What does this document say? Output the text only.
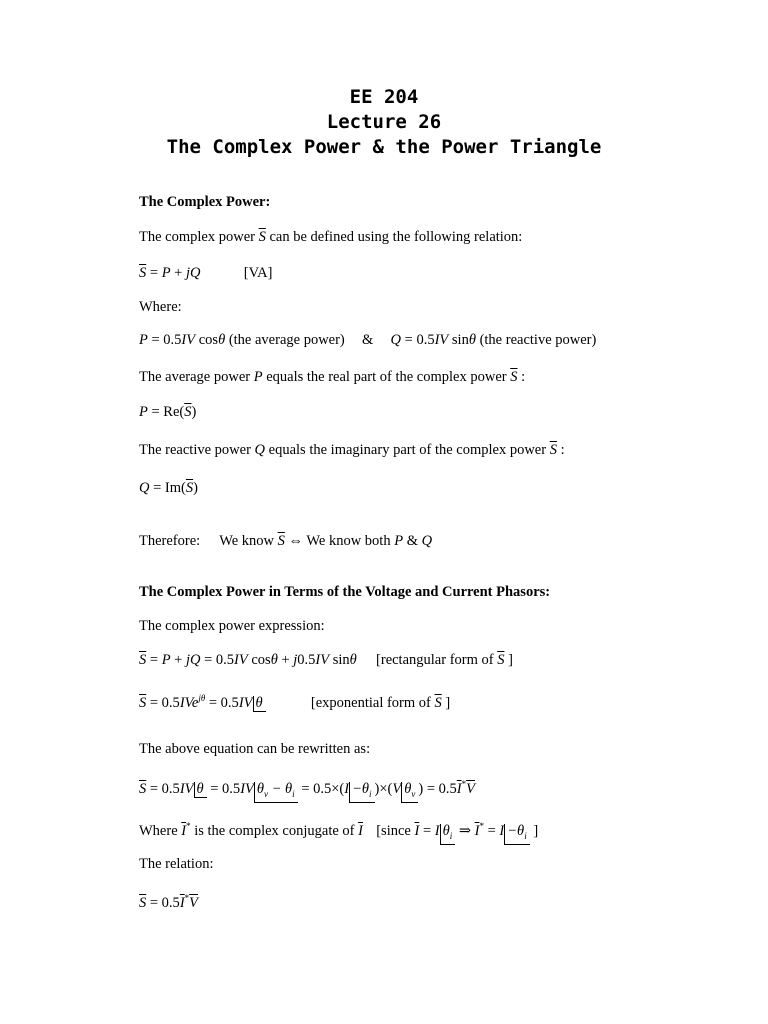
EE 204
Lecture 26
The Complex Power & the Power Triangle
The Complex Power:
The complex power $\overline{S}$ can be defined using the following relation:
$\overline{S} = P$ + jQ	[VA]
Where:
P = 0.5IV cosθ (the average power) & Q = 0.5IV sinθ (the reactive power)
The average power P equals the real part of the complex power $\overline{S}$ :
$P = Re(\overline{S})$
The reactive power Q equals the imaginary part of the complex power $\overline{S}$ :
$Q = Im(\overline{S})$
Therefore: We know $\overline{S}$ ⇔ We know both P & Q
The Complex Power in Terms of the Voltage and Current Phasors:
The complex power expression:
$\overline{S} = P$ + jQ = 0.5IV cosθ + j0.5IV sinθ [rectangular form of $\overline{S}$ ]
$\overline{S} = 0.5IVe^{j\theta} = 0.5IV$ θ	[exponential form of $\overline{S}$ ]
The above equation can be rewritten as:
$\overline{S} = 0.5IV$ θ = 0.5IV $\theta_v - \theta_i = 0.5\times(I -\theta_i$ )×(V $\theta_v$ ) = $0.5\overline{I}^*\overline{V}$
Where $\overline{I}^*$ is the complex conjugate of $\overline{I}$ [since $\overline{I} = I$ $\theta_i$ ⇒ $\overline{I}^* = I -\theta_i$ ]
The relation:
$\overline{S} = 0.5\overline{I}^*\overline{V}$
